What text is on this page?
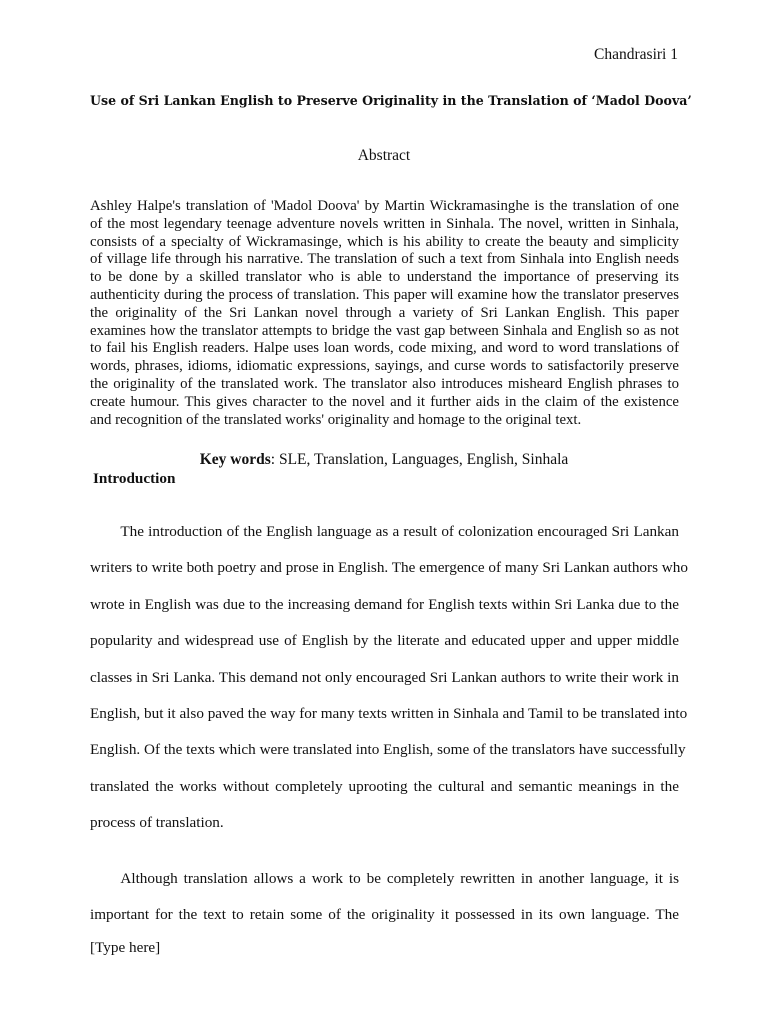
Chandrasiri 1
Use of Sri Lankan English to Preserve Originality in the Translation of ‘Madol Doova’
Abstract
Ashley Halpe's translation of 'Madol Doova' by Martin Wickramasinghe is the translation of one
of the most legendary teenage adventure novels written in Sinhala. The novel, written in Sinhala,
consists of a specialty of Wickramasinge, which is his ability to create the beauty and simplicity
of village life through his narrative. The translation of such a text from Sinhala into English needs
to be done by a skilled translator who is able to understand the importance of preserving its
authenticity during the process of translation. This paper will examine how the translator preserves
the originality of the Sri Lankan novel through a variety of Sri Lankan English. This paper
examines how the translator attempts to bridge the vast gap between Sinhala and English so as not
to fail his English readers. Halpe uses loan words, code mixing, and word to word translations of
words, phrases, idioms, idiomatic expressions, sayings, and curse words to satisfactorily preserve
the originality of the translated work. The translator also introduces misheard English phrases to
create humour. This gives character to the novel and it further aids in the claim of the existence
and recognition of the translated works' originality and homage to the original text.
Key words: SLE, Translation, Languages, English, Sinhala
Introduction
  The introduction of the English language as a result of colonization encouraged Sri Lankan
writers to write both poetry and prose in English. The emergence of many Sri Lankan authors who
wrote in English was due to the increasing demand for English texts within Sri Lanka due to the
popularity and widespread use of English by the literate and educated upper and upper middle
classes in Sri Lanka. This demand not only encouraged Sri Lankan authors to write their work in
English, but it also paved the way for many texts written in Sinhala and Tamil to be translated into
English. Of the texts which were translated into English, some of the translators have successfully
translated the works without completely uprooting the cultural and semantic meanings in the
process of translation.
  Although translation allows a work to be completely rewritten in another language, it is
important for the text to retain some of the originality it possessed in its own language. The
[Type here]
